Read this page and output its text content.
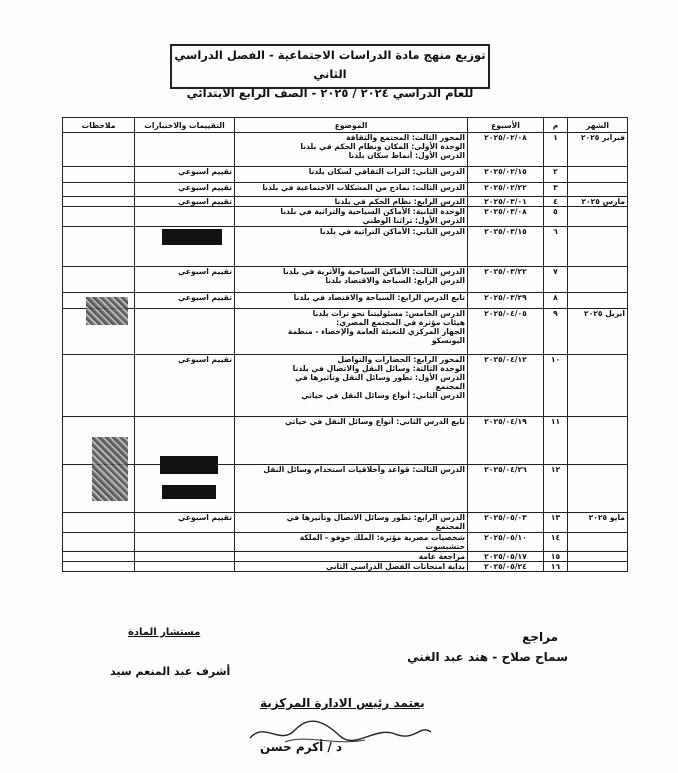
توزيع منهج مادة الدراسات الاجتماعية - الفصل الدراسي الثاني
للعام الدراسي ٢٠٢٤ / ٢٠٢٥ - الصف الرابع الابتدائي
الشهر	م	الأسبوع	الموضوع	التقييمات والاختبارات	ملاحظات
فبراير ٢٠٢٥	١	٢٠٢٥/٠٢/٠٨	المحور الثالث: المجتمع والثقافة
الوحدة الأولى: المكان ونظام الحكم في بلدنا
الدرس الأول: أنماط سكان بلدنا		

	٢	٢٠٢٥/٠٢/١٥	الدرس الثاني: الترات الثقافي لسكان بلدنا	تقييم اسبوعي	
	٣	٢٠٢٥/٠٢/٢٢	الدرس الثالث: نماذج من المشكلات الاجتماعية في بلدنا	تقييم اسبوعي	
مارس ٢٠٢٥	٤	٢٠٢٥/٠٣/٠١	الدرس الرابع: نظام الحكم في بلدنا	تقييم اسبوعي	
	٥	٢٠٢٥/٠٣/٠٨	الوحدة الثانية: الأماكن السياحية والتراثية في بلدنا
الدرس الأول: تراثنا الوطني		

	٦	٢٠٢٥/٠٣/١٥	الدرس الثاني: الأماكن التراثية في بلدنا		

	٧	٢٠٢٥/٠٣/٢٢	الدرس الثالث: الأماكن السياحية والأثرية في بلدنا
الدرس الرابع: السياحة والاقتصاد بلدنا	تقييم اسبوعي	
	٨	٢٠٢٥/٠٣/٢٩	تابع الدرس الرابع: السياحة والاقتصاد في بلدنا	تقييم اسبوعي	
ابريل ٢٠٢٥	٩	٢٠٢٥/٠٤/٠٥	الدرس الخامس: مسئوليتنا نحو تراث بلدنا
هيئات مؤثرة في المجتمع المصري:
الجهاز المركزي للتعبئة العامة والإحصاء - منظمة
اليونسكو		

	١٠	٢٠٢٥/٠٤/١٢	المحور الرابع: الحضارات والتواصل
الوحدة الثالثة: وسائل النقل والاتصال في بلدنا
الدرس الأول: تطور وسائل النقل وتأثيرها في
المجتمع
الدرس الثاني: أنواع وسائل النقل في حياتي	تقييم اسبوعي	
	١١	٢٠٢٥/٠٤/١٩	تابع الدرس الثاني: أنواع وسائل النقل في حياتي		

	١٢	٢٠٢٥/٠٤/٢٦	الدرس الثالث: قواعد وأخلاقيات استخدام وسائل النقل		

مايو ٢٠٢٥	١٣	٢٠٢٥/٠٥/٠٣	الدرس الرابع: تطور وسائل الاتصال وتأثيرها في
المجتمع	تقييم اسبوعي	
	١٤	٢٠٢٥/٠٥/١٠	شخصيات مصرية مؤثرة: الملك خوفو - الملكة
حتشبسوت		

	١٥	٢٠٢٥/٠٥/١٧	مراجعة عامة		

	١٦	٢٠٢٥/٠٥/٢٤	بداية امتحانات الفصل الدراسي الثاني		

مراجع
سماح صلاح - هند عبد الغني
مستشار المادة
أشرف عبد المنعم سيد
يعتمد رئيس الادارة المركزية
د / أكرم حسن
